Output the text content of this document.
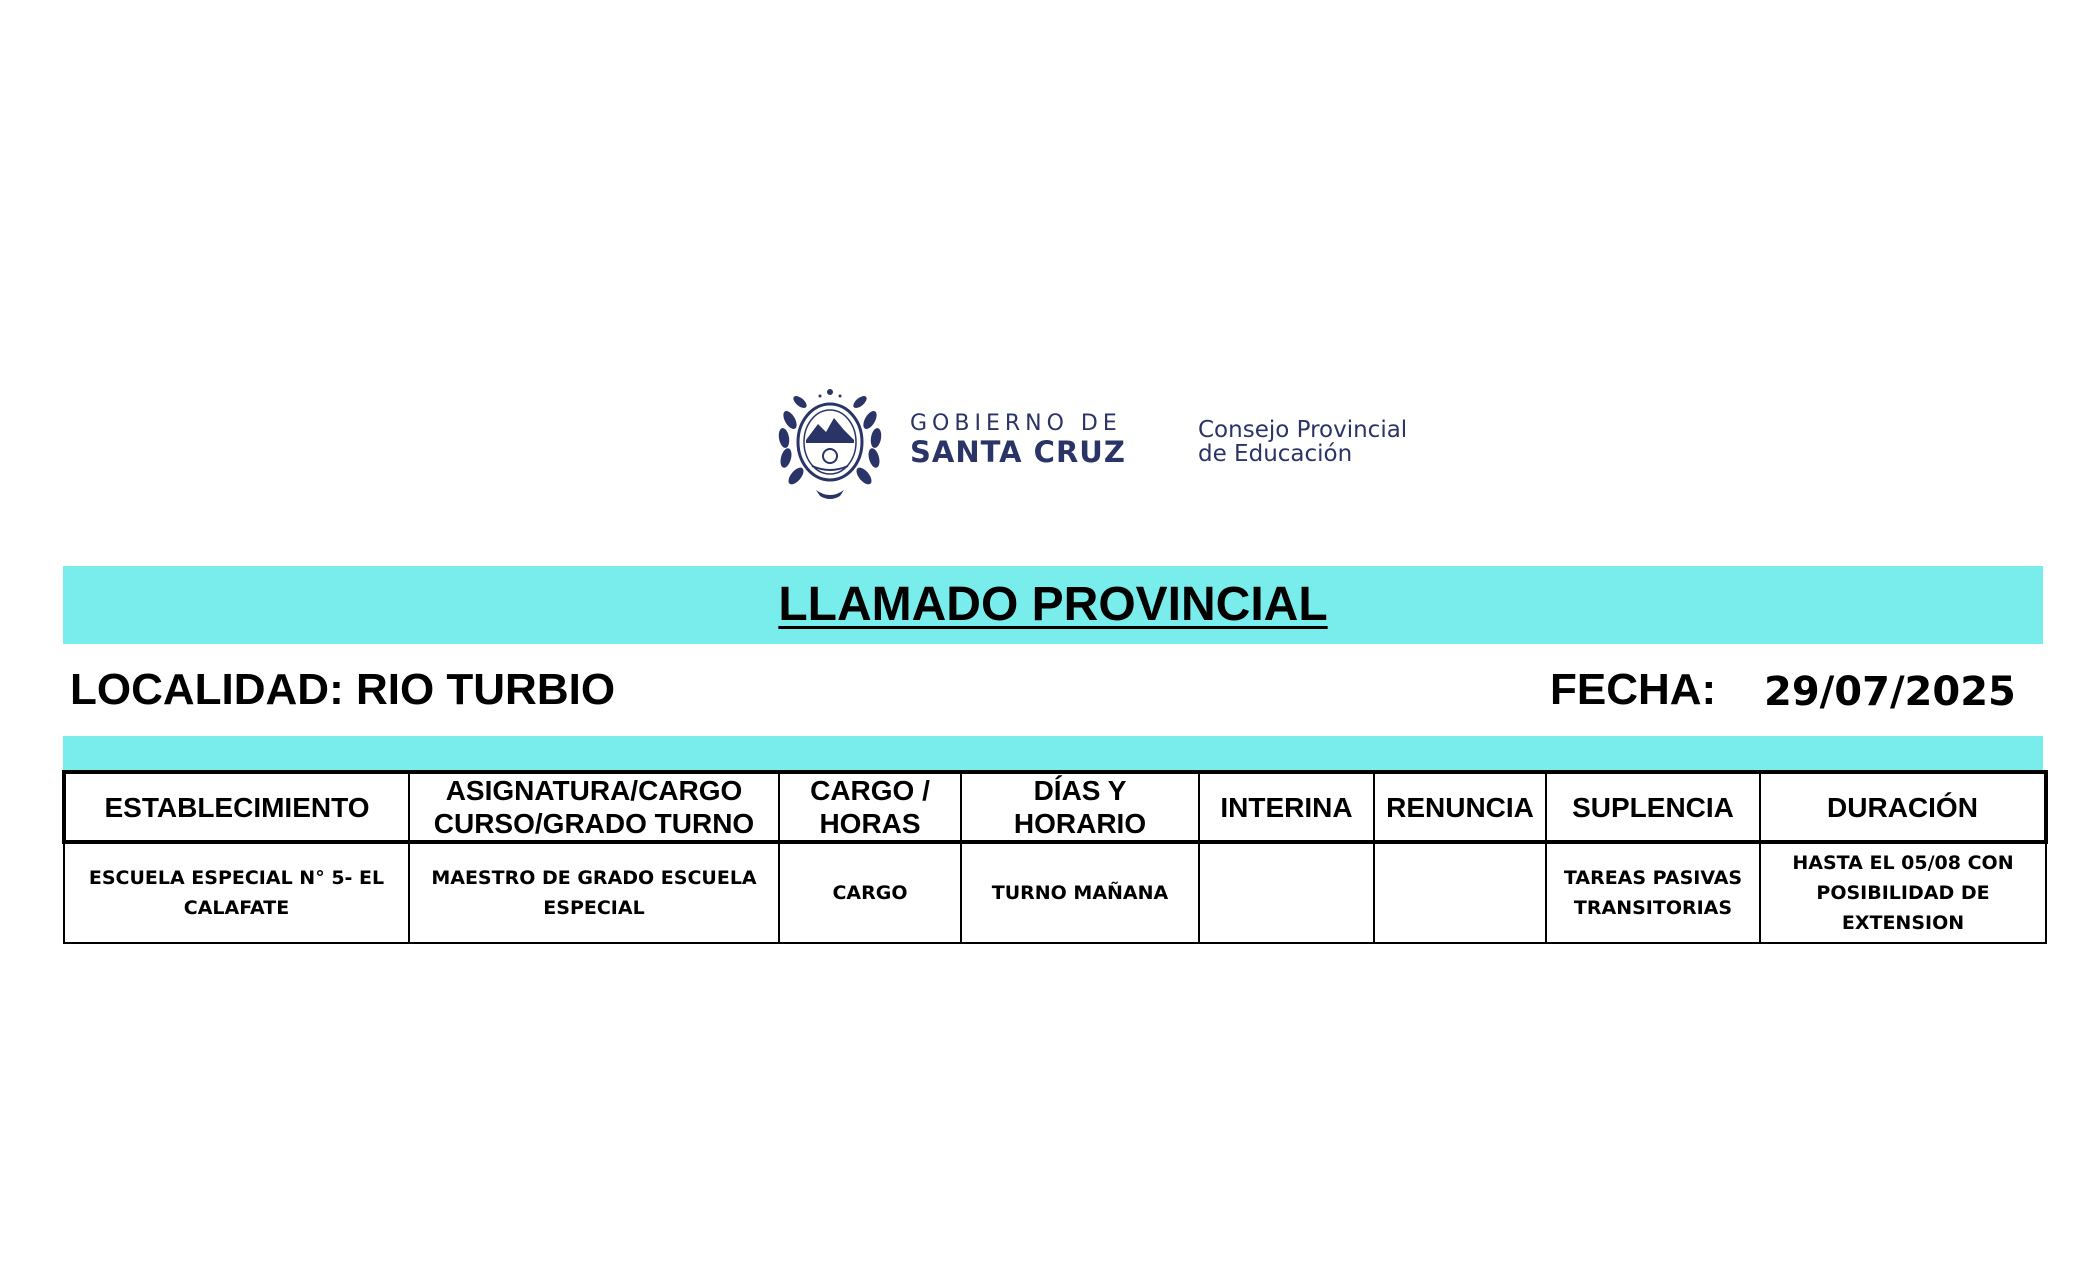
GOBIERNO DE
SANTA CRUZ
Consejo Provincial
de Educación
LLAMADO PROVINCIAL
LOCALIDAD: RIO TURBIO	FECHA: 29/07/2025
ESTABLECIMIENTO	ASIGNATURA/CARGO CURSO/GRADO TURNO	CARGO / HORAS	DÍAS Y HORARIO	INTERINA	RENUNCIA	SUPLENCIA	DURACIÓN
ESCUELA ESPECIAL N° 5- EL CALAFATE	MAESTRO DE GRADO ESCUELA ESPECIAL	CARGO	TURNO MAÑANA			TAREAS PASIVAS TRANSITORIAS	HASTA EL 05/08 CON POSIBILIDAD DE EXTENSION
